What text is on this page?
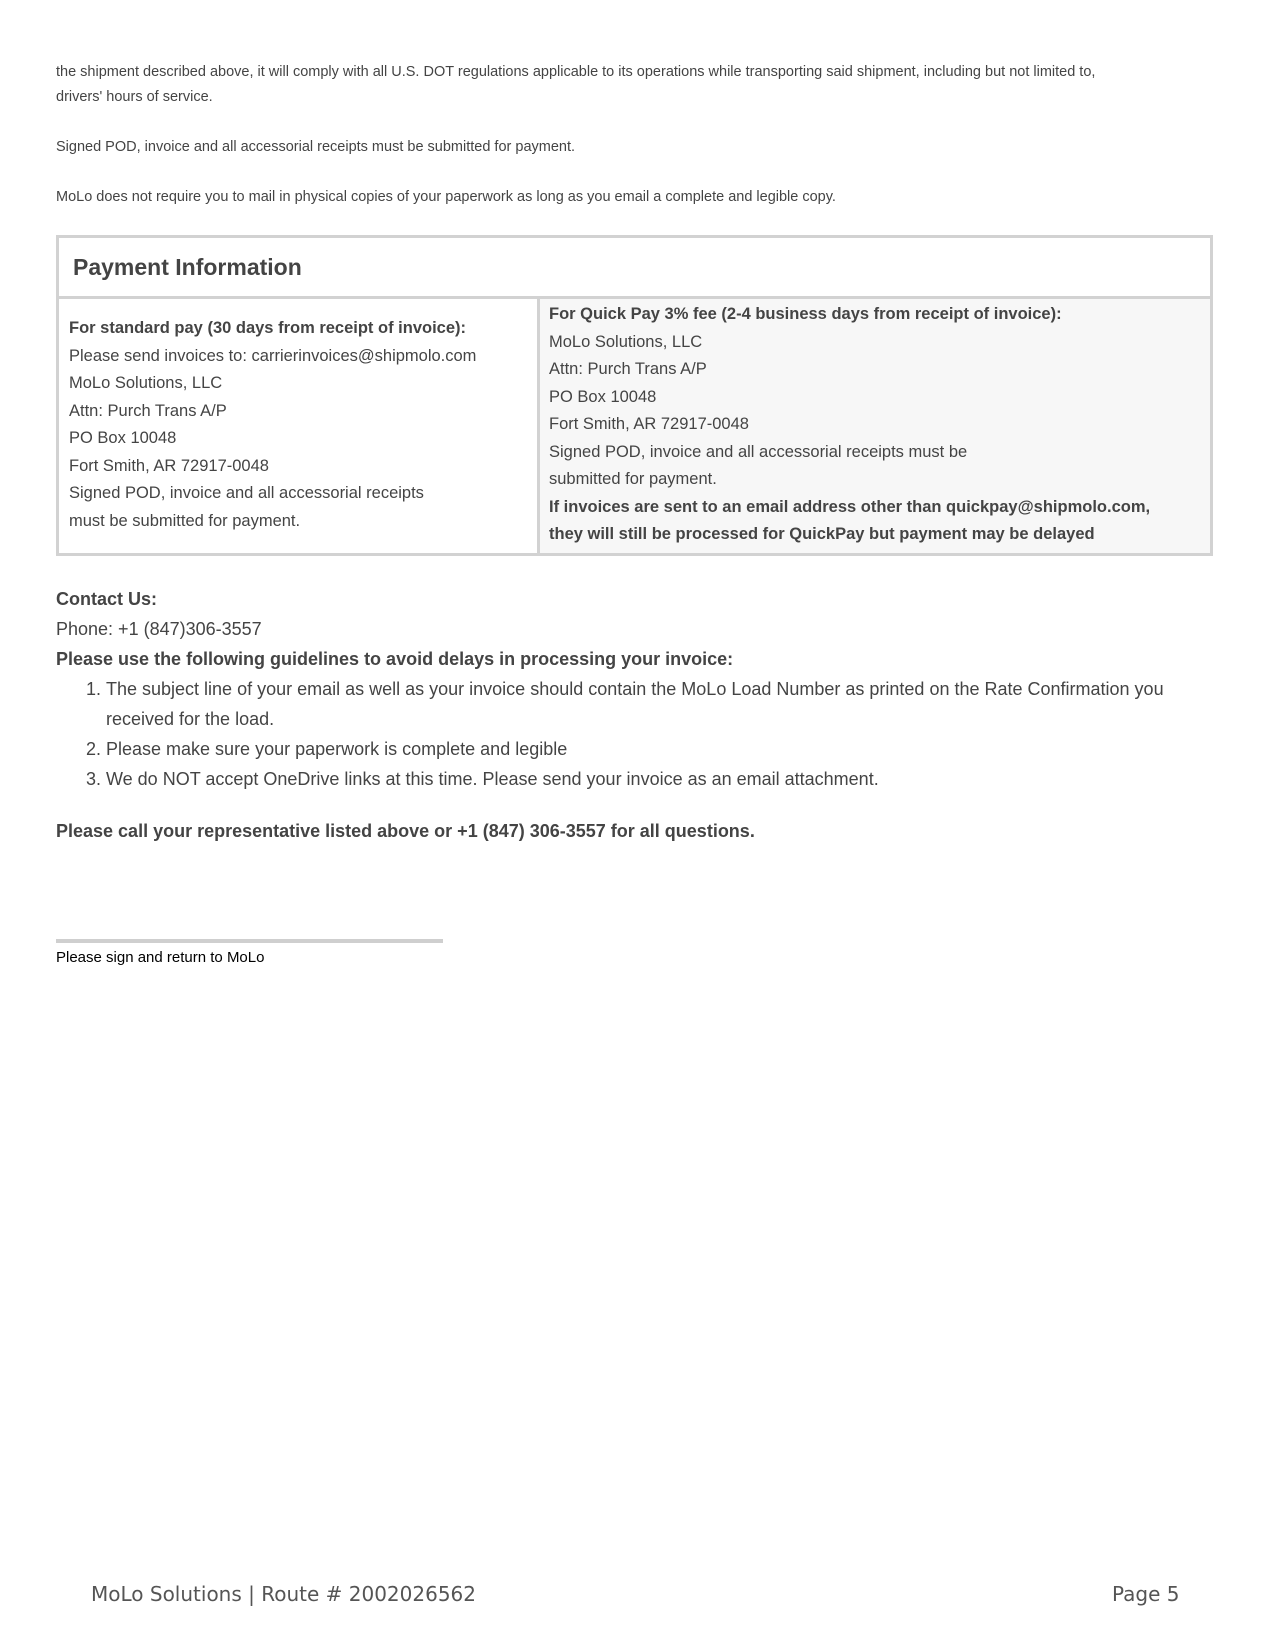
the shipment described above, it will comply with all U.S. DOT regulations applicable to its operations while transporting said shipment, including but not limited to,
drivers' hours of service.

Signed POD, invoice and all accessorial receipts must be submitted for payment.

MoLo does not require you to mail in physical copies of your paperwork as long as you email a complete and legible copy.

Payment Information
For standard pay (30 days from receipt of invoice):
Please send invoices to: carrierinvoices@shipmolo.com
MoLo Solutions, LLC
Attn: Purch Trans A/P
PO Box 10048
Fort Smith, AR 72917-0048
Signed POD, invoice and all accessorial receipts
must be submitted for payment.
For Quick Pay 3% fee (2-4 business days from receipt of invoice):
MoLo Solutions, LLC
Attn: Purch Trans A/P
PO Box 10048
Fort Smith, AR 72917-0048
Signed POD, invoice and all accessorial receipts must be
submitted for payment.
If invoices are sent to an email address other than quickpay@shipmolo.com,
they will still be processed for QuickPay but payment may be delayed
Contact Us:
Phone: +1 (847)306-3557
Please use the following guidelines to avoid delays in processing your invoice:
1. The subject line of your email as well as your invoice should contain the MoLo Load Number as printed on the Rate Confirmation you received for the load.
2. Please make sure your paperwork is complete and legible
3. We do NOT accept OneDrive links at this time. Please send your invoice as an email attachment.
Please call your representative listed above or +1 (847) 306-3557 for all questions.
Please sign and return to MoLo
MoLo Solutions | Route # 2002026562	Page 5
